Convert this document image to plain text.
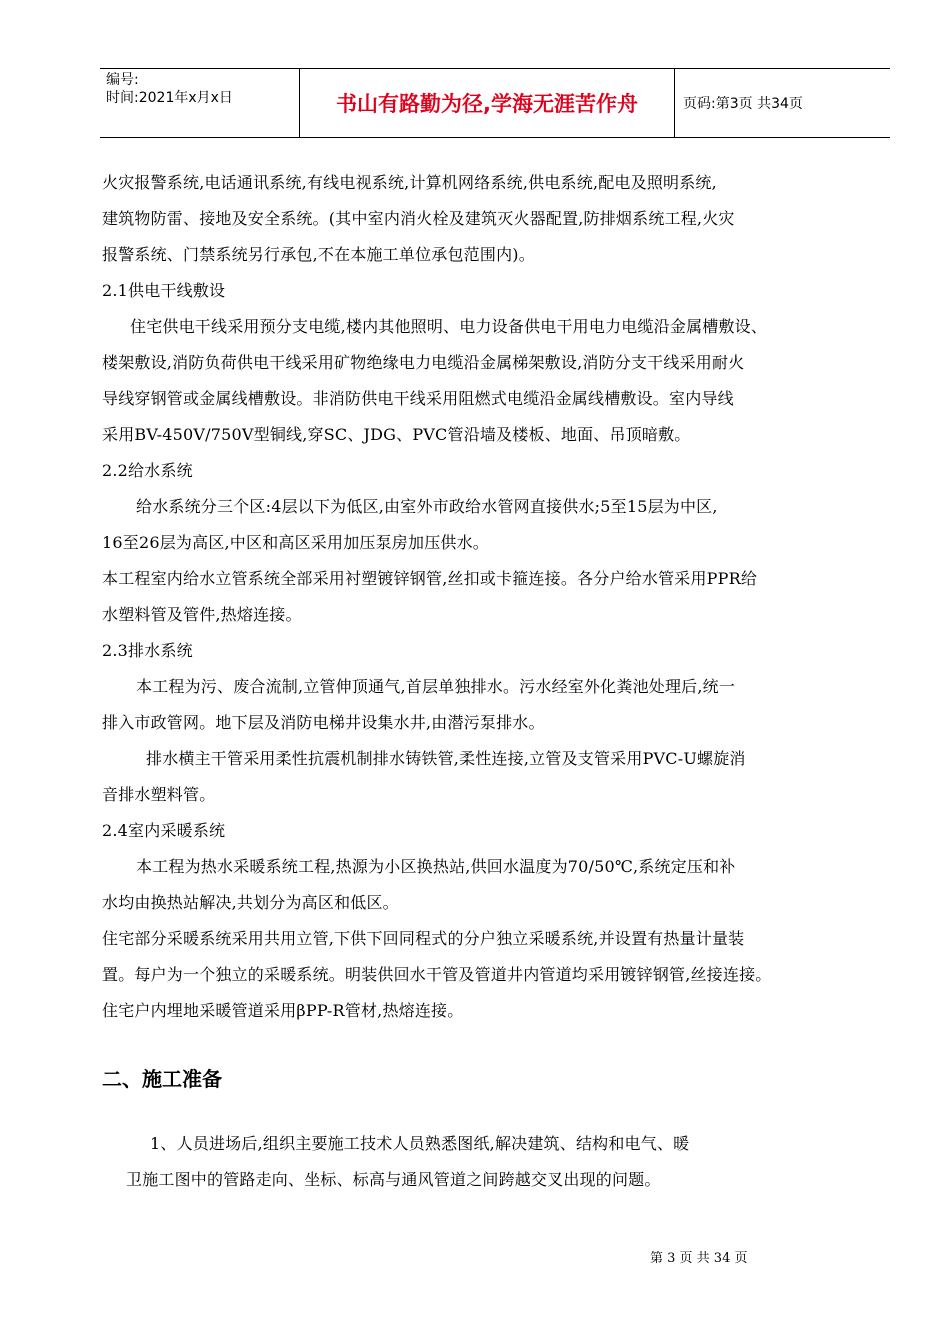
编号:
时间:2021年x月x日	书山有路勤为径,学海无涯苦作舟	页码:第3页 共34页

火灾报警系统,电话通讯系统,有线电视系统,计算机网络系统,供电系统,配电及照明系统,

建筑物防雷、接地及安全系统。(其中室内消火栓及建筑灭火器配置,防排烟系统工程,火灾

报警系统、门禁系统另行承包,不在本施工单位承包范围内)。

2.1供电干线敷设

住宅供电干线采用预分支电缆,楼内其他照明、电力设备供电干用电力电缆沿金属槽敷设、

楼架敷设,消防负荷供电干线采用矿物绝缘电力电缆沿金属梯架敷设,消防分支干线采用耐火

导线穿钢管或金属线槽敷设。非消防供电干线采用阻燃式电缆沿金属线槽敷设。室内导线

采用BV-450V/750V型铜线,穿SC、JDG、PVC管沿墙及楼板、地面、吊顶暗敷。

2.2给水系统

给水系统分三个区:4层以下为低区,由室外市政给水管网直接供水;5至15层为中区,

16至26层为高区,中区和高区采用加压泵房加压供水。

本工程室内给水立管系统全部采用衬塑镀锌钢管,丝扣或卡箍连接。各分户给水管采用PPR给

水塑料管及管件,热熔连接。

2.3排水系统

本工程为污、废合流制,立管伸顶通气,首层单独排水。污水经室外化粪池处理后,统一

排入市政管网。地下层及消防电梯井设集水井,由潜污泵排水。

排水横主干管采用柔性抗震机制排水铸铁管,柔性连接,立管及支管采用PVC-U螺旋消

音排水塑料管。

2.4室内采暖系统

本工程为热水采暖系统工程,热源为小区换热站,供回水温度为70/50℃,系统定压和补

水均由换热站解决,共划分为高区和低区。

住宅部分采暖系统采用共用立管,下供下回同程式的分户独立采暖系统,并设置有热量计量装

置。每户为一个独立的采暖系统。明装供回水干管及管道井内管道均采用镀锌钢管,丝接连接。

住宅户内埋地采暖管道采用βPP-R管材,热熔连接。

二、施工准备

1、人员进场后,组织主要施工技术人员熟悉图纸,解决建筑、结构和电气、暖

卫施工图中的管路走向、坐标、标高与通风管道之间跨越交叉出现的问题。

第 3 页 共 34 页
